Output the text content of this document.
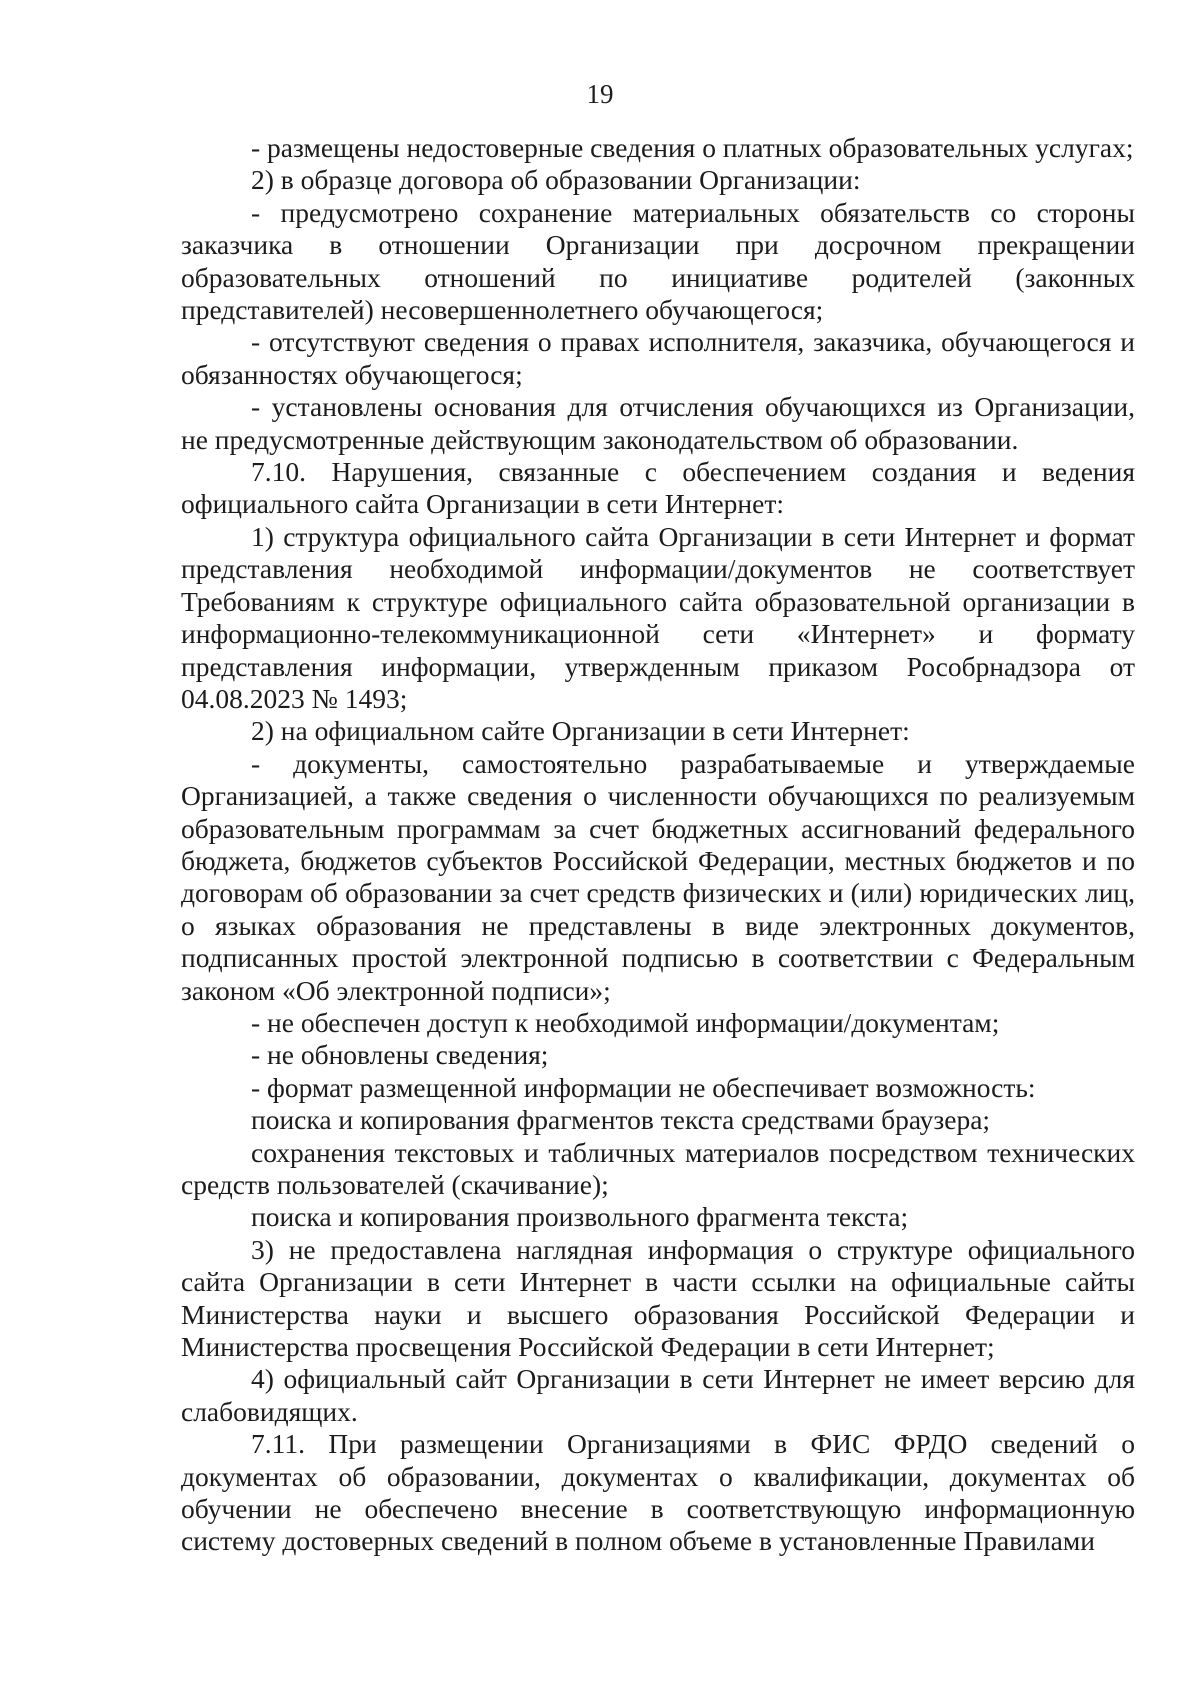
19

- размещены недостоверные сведения о платных образовательных услугах;

2) в образце договора об образовании Организации:

- предусмотрено сохранение материальных обязательств со стороны заказчика в отношении Организации при досрочном прекращении образовательных отношений по инициативе родителей (законных представителей) несовершеннолетнего обучающегося;

- отсутствуют сведения о правах исполнителя, заказчика, обучающегося и обязанностях обучающегося;

- установлены основания для отчисления обучающихся из Организации, не предусмотренные действующим законодательством об образовании.

7.10. Нарушения, связанные с обеспечением создания и ведения официального сайта Организации в сети Интернет:

1) структура официального сайта Организации в сети Интернет и формат представления необходимой информации/документов не соответствует Требованиям к структуре официального сайта образовательной организации в информационно-телекоммуникационной сети «Интернет» и формату представления информации, утвержденным приказом Рособрнадзора от 04.08.2023 № 1493;

2) на официальном сайте Организации в сети Интернет:

- документы, самостоятельно разрабатываемые и утверждаемые Организацией, а также сведения о численности обучающихся по реализуемым образовательным программам за счет бюджетных ассигнований федерального бюджета, бюджетов субъектов Российской Федерации, местных бюджетов и по договорам об образовании за счет средств физических и (или) юридических лиц, о языках образования не представлены в виде электронных документов, подписанных простой электронной подписью в соответствии с Федеральным законом «Об электронной подписи»;

- не обеспечен доступ к необходимой информации/документам;

- не обновлены сведения;

- формат размещенной информации не обеспечивает возможность:

поиска и копирования фрагментов текста средствами браузера;

сохранения текстовых и табличных материалов посредством технических средств пользователей (скачивание);

поиска и копирования произвольного фрагмента текста;

3) не предоставлена наглядная информация о структуре официального сайта Организации в сети Интернет в части ссылки на официальные сайты Министерства науки и высшего образования Российской Федерации и Министерства просвещения Российской Федерации в сети Интернет;

4) официальный сайт Организации в сети Интернет не имеет версию для слабовидящих.

7.11. При размещении Организациями в ФИС ФРДО сведений о документах об образовании, документах о квалификации, документах об обучении не обеспечено внесение в соответствующую информационную систему достоверных сведений в полном объеме в установленные Правилами
